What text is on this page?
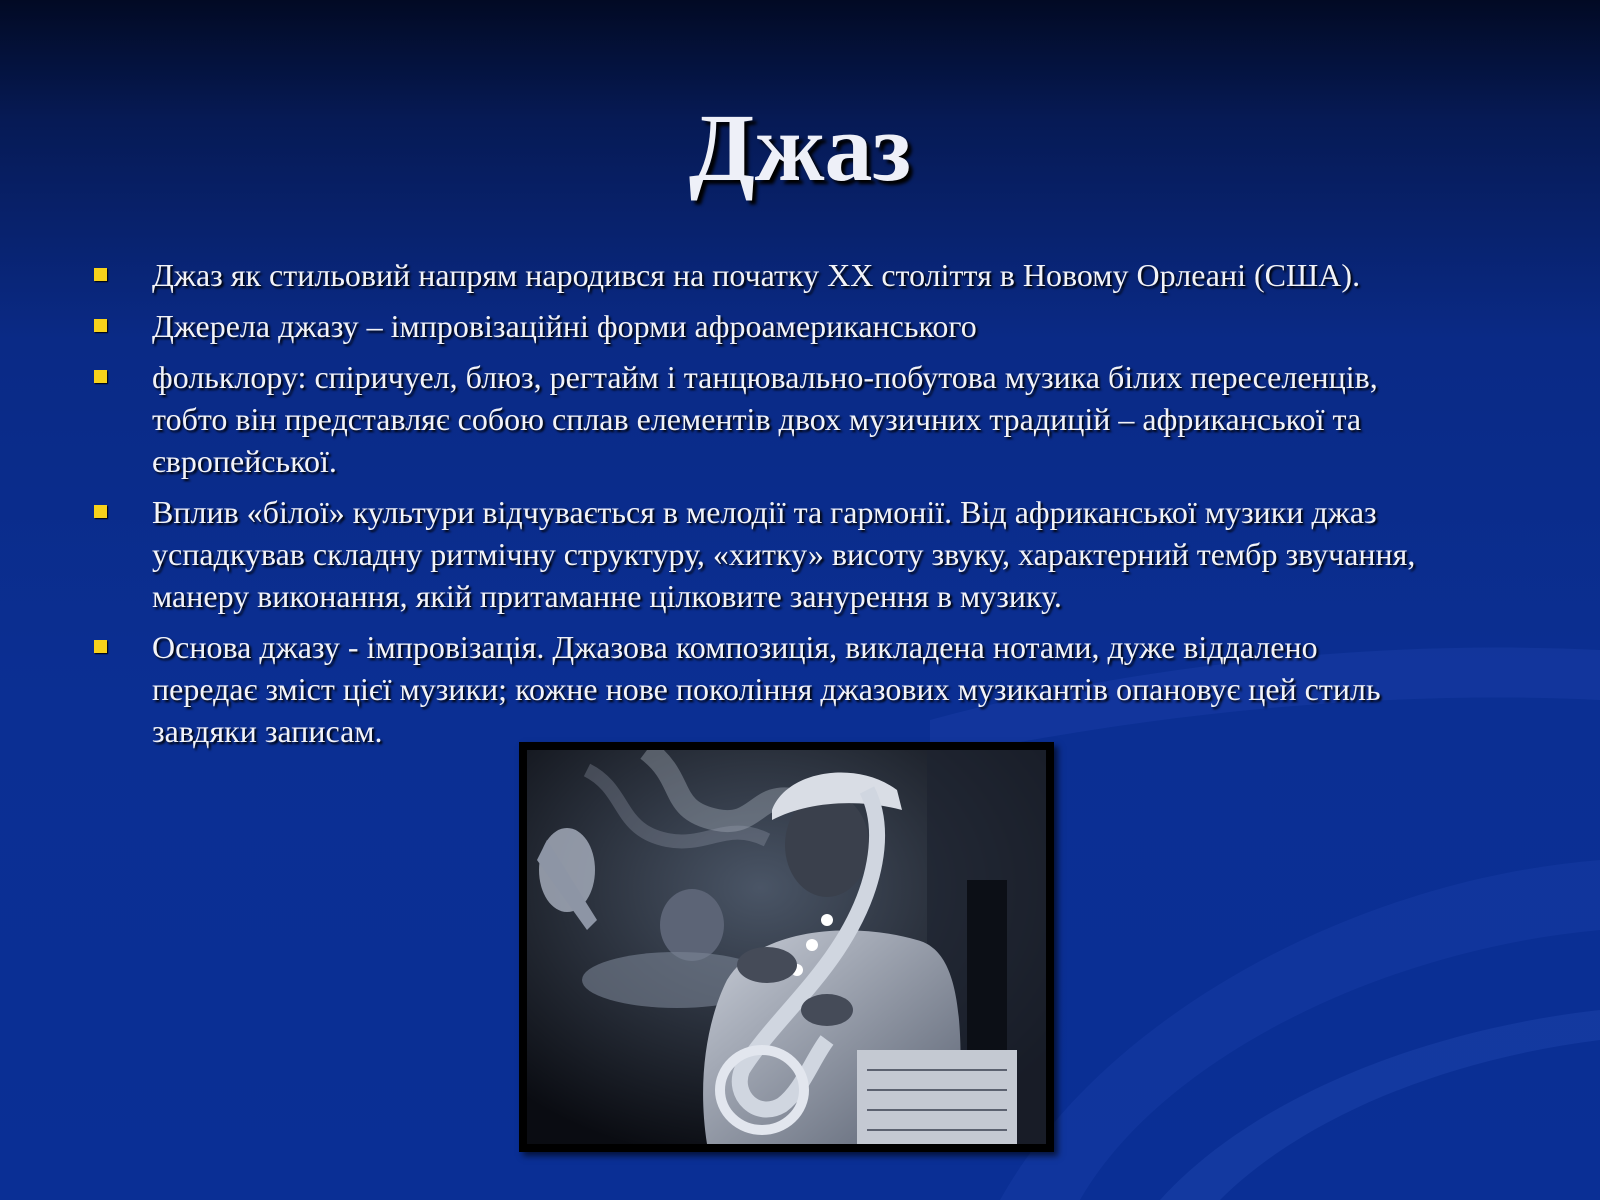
Джаз
Джаз як стильовий напрям народився на початку ХХ століття в Новому Орлеані (США).
Джерела джазу – імпровізаційні форми афроамериканського
фольклору: спіричуел, блюз, регтайм і танцювально-побутова музика білих переселенців,
тобто він представляє собою сплав елементів двох музичних традицій – африканської та
європейської.
Вплив «білої» культури відчувається в мелодії та гармонії. Від африканської музики джаз
успадкував складну ритмічну структуру, «хитку» висоту звуку, характерний тембр звучання,
манеру виконання, якій притаманне цілковите занурення в музику.
Основа джазу - імпровізація. Джазова композиція, викладена нотами, дуже віддалено
передає зміст цієї музики; кожне нове покоління джазових музикантів опановує цей стиль
завдяки записам.
